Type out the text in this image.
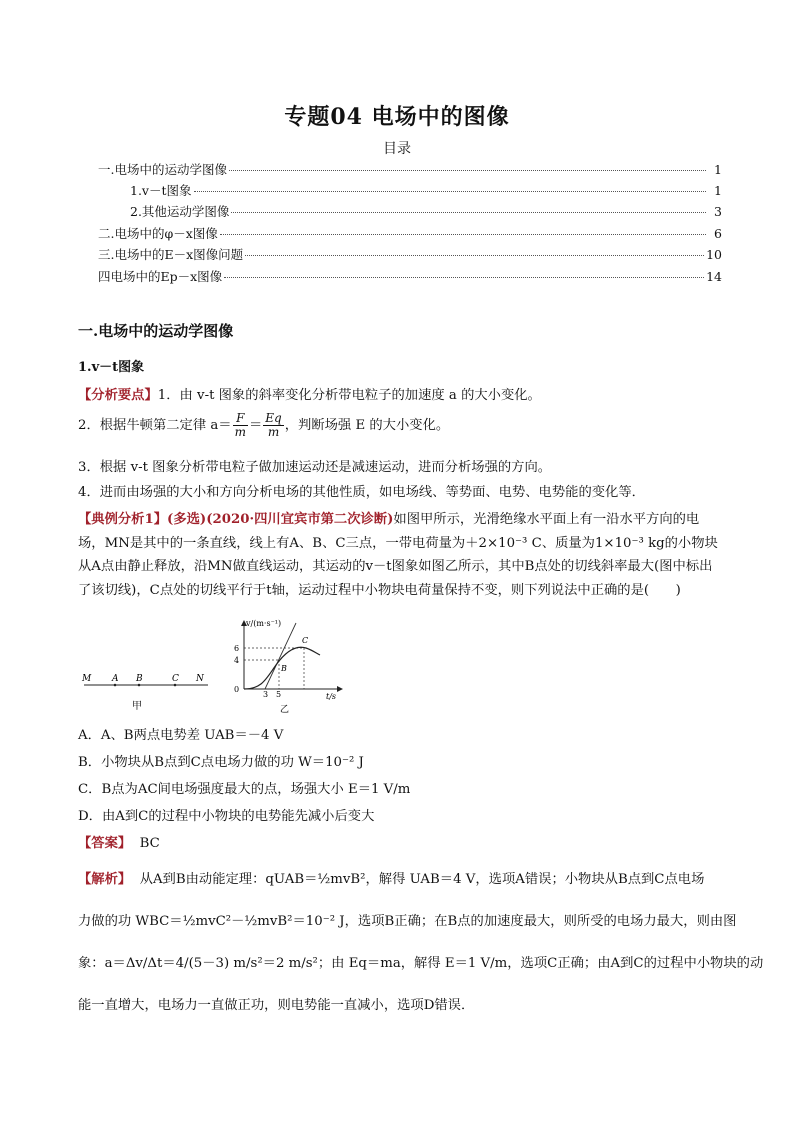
专题04 电场中的图像
目录
一.电场中的运动学图像	1
1.v－t图象	1
2.其他运动学图像	3
二.电场中的φ－x图像	6
三.电场中的E－x图像问题	10
四电场中的Ep－x图像	14
一.电场中的运动学图像
1.v－t图象
【分析要点】1．由 v-t 图象的斜率变化分析带电粒子的加速度 a 的大小变化。
2．根据牛顿第二定律 $a= \frac{F}{m} = \frac{Eq}{m}$ ，判断场强 E 的大小变化。
3．根据 v-t 图象分析带电粒子做加速运动还是减速运动，进而分析场强的方向。
4．进而由场强的大小和方向分析电场的其他性质，如电场线、等势面、电势、电势能的变化等．
【典例分析1】(多选)(2020·四川宜宾市第二次诊断)如图甲所示，光滑绝缘水平面上有一沿水平方向的电场，MN是其中的一条直线，线上有A、B、C三点，一带电荷量为＋2×10⁻³ C、质量为1×10⁻³ kg的小物块从A点由静止释放，沿MN做直线运动，其运动的v－t图象如图乙所示，其中B点处的切线斜率最大(图中标出了该切线)，C点处的切线平行于t轴，运动过程中小物块电荷量保持不变，则下列说法中正确的是(　　)
M A B	C N
甲
v/(m·s⁻¹)
t/s
6
4
0
3 5
B
C
乙
A．A、B两点电势差 UAB＝－4 V
B．小物块从B点到C点电场力做的功 W＝10⁻² J
C．B点为AC间电场强度最大的点，场强大小 E＝1 V/m
D．由A到C的过程中小物块的电势能先减小后变大
【答案】 BC
【解析】 从A到B由动能定理：qUAB＝½mvB²，解得 UAB＝4 V，选项A错误；小物块从B点到C点电场
力做的功 WBC＝½mvC²－½mvB²＝10⁻² J，选项B正确；在B点的加速度最大，则所受的电场力最大，则由图
象：a＝Δv/Δt＝4/(5－3) m/s²＝2 m/s²；由 Eq＝ma，解得 E＝1 V/m，选项C正确；由A到C的过程中小物块的动
能一直增大，电场力一直做正功，则电势能一直减小，选项D错误．
